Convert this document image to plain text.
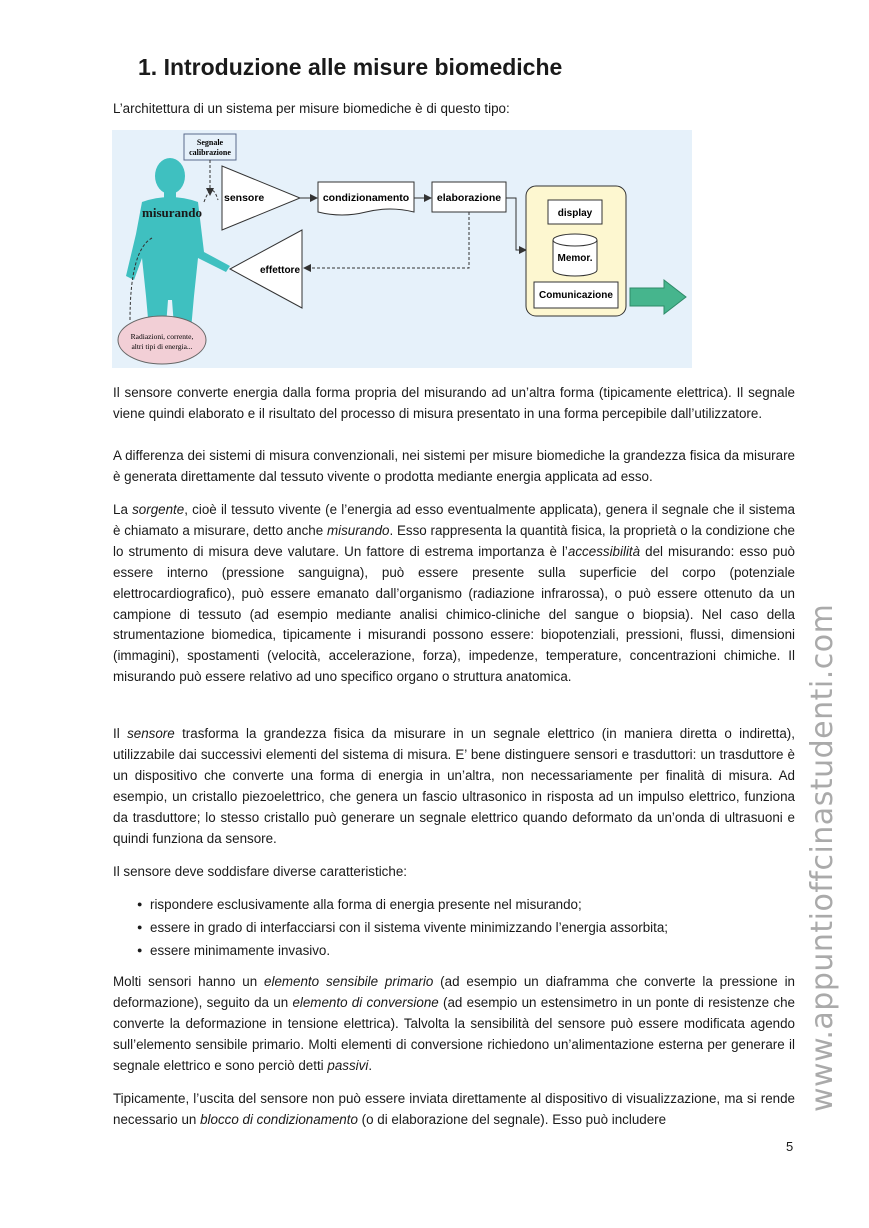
1. Introduzione alle misure biomediche

L’architettura di un sistema per misure biomediche è di questo tipo:

misurando
Segnale
calibrazione
sensore	condizionamento	elaborazione
display
Memor.
Comunicazione
effettore
Radiazioni, corrente,
altri tipi di energia...

Il sensore converte energia dalla forma propria del misurando ad un’altra forma (tipicamente elettrica). Il segnale viene quindi elaborato e il risultato del processo di misura presentato in una forma percepibile dall’utilizzatore.

A differenza dei sistemi di misura convenzionali, nei sistemi per misure biomediche la grandezza fisica da misurare è generata direttamente dal tessuto vivente o prodotta mediante energia applicata ad esso.

La sorgente, cioè il tessuto vivente (e l’energia ad esso eventualmente applicata), genera il segnale che il sistema è chiamato a misurare, detto anche misurando. Esso rappresenta la quantità fisica, la proprietà o la condizione che lo strumento di misura deve valutare. Un fattore di estrema importanza è l’accessibilità del misurando: esso può essere interno (pressione sanguigna), può essere presente sulla superficie del corpo (potenziale elettrocardiografico), può essere emanato dall’organismo (radiazione infrarossa), o può essere ottenuto da un campione di tessuto (ad esempio mediante analisi chimico-cliniche del sangue o biopsia). Nel caso della strumentazione biomedica, tipicamente i misurandi possono essere: biopotenziali, pressioni, flussi, dimensioni (immagini), spostamenti (velocità, accelerazione, forza), impedenze, temperature, concentrazioni chimiche. Il misurando può essere relativo ad uno specifico organo o struttura anatomica.

Il sensore trasforma la grandezza fisica da misurare in un segnale elettrico (in maniera diretta o indiretta), utilizzabile dai successivi elementi del sistema di misura. E’ bene distinguere sensori e trasduttori: un trasduttore è un dispositivo che converte una forma di energia in un’altra, non necessariamente per finalità di misura. Ad esempio, un cristallo piezoelettrico, che genera un fascio ultrasonico in risposta ad un impulso elettrico, funziona da trasduttore; lo stesso cristallo può generare un segnale elettrico quando deformato da un’onda di ultrasuoni e quindi funziona da sensore.

Il sensore deve soddisfare diverse caratteristiche:

● rispondere esclusivamente alla forma di energia presente nel misurando;
● essere in grado di interfacciarsi con il sistema vivente minimizzando l’energia assorbita;
● essere minimamente invasivo.

Molti sensori hanno un elemento sensibile primario (ad esempio un diaframma che converte la pressione in deformazione), seguito da un elemento di conversione (ad esempio un estensimetro in un ponte di resistenze che converte la deformazione in tensione elettrica). Talvolta la sensibilità del sensore può essere modificata agendo sull’elemento sensibile primario. Molti elementi di conversione richiedono un’alimentazione esterna per generare il segnale elettrico e sono perciò detti passivi.

Tipicamente, l’uscita del sensore non può essere inviata direttamente al dispositivo di visualizzazione, ma si rende necessario un blocco di condizionamento (o di elaborazione del segnale). Esso può includere

www.appuntioffcinastudenti.com
5
